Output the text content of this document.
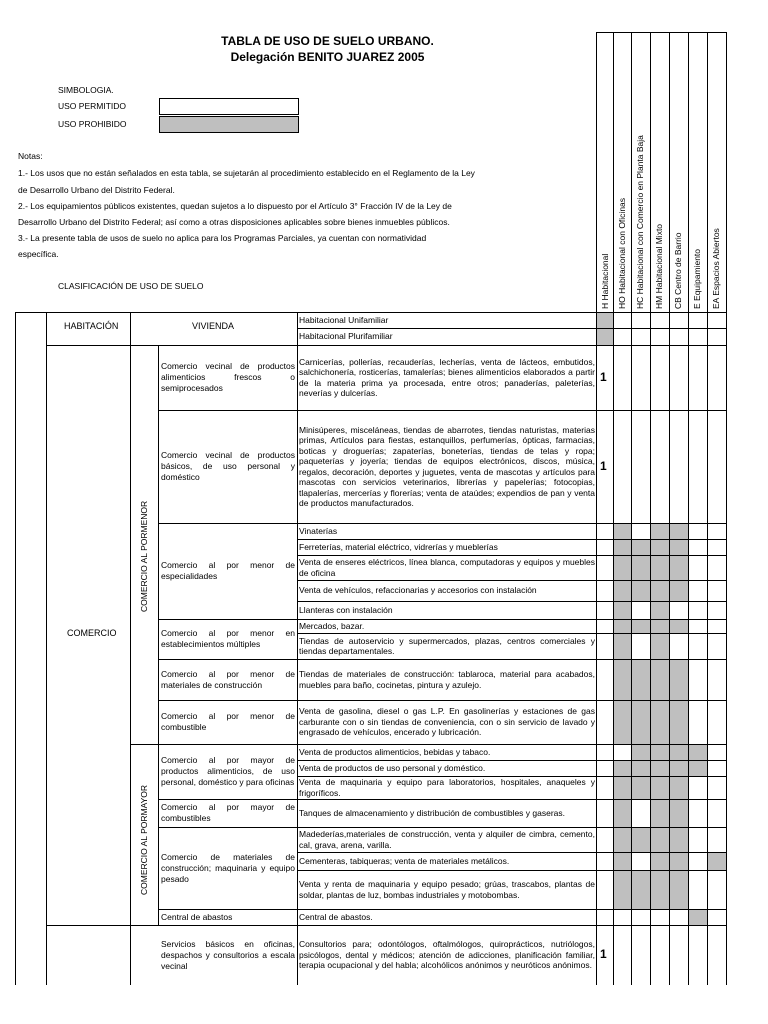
TABLA DE USO DE SUELO URBANO.
Delegación BENITO JUAREZ 2005
SIMBOLOGIA.
USO PERMITIDO
USO PROHIBIDO
Notas:
1.- Los usos que no están señalados en esta tabla, se sujetarán al procedimiento establecido en el Reglamento de la Ley
de Desarrollo Urbano del Distrito Federal.
2.- Los equipamientos públicos existentes, quedan sujetos a lo dispuesto por el Artículo 3° Fracción IV de la Ley de
Desarrollo Urbano del Distrito Federal; así como a otras disposiciones aplicables sobre bienes inmuebles públicos.
3.- La presente tabla de usos de suelo no aplica para los Programas Parciales, ya cuentan con normatividad
específica.
CLASIFICACIÓN DE USO DE SUELO	H Habitacional HO Habitacional con Oficinas HC Habitacional con Comercio en Planta Baja HM Habitacional Mixto CB Centro de Barrio E Equipamiento EA Espacios Abiertos
HABITACIÓN	VIVIENDA
COMERCIO
COMERCIO AL PORMENOR
COMERCIO AL PORMAYOR
Comercio vecinal de productos alimenticios frescos o semiprocesados
Comercio vecinal de productos básicos, de uso personal y doméstico
Comercio al por menor de especialidades
Comercio al por menor en establecimientos múltiples
Comercio al por menor de materiales de construcción
Comercio al por menor de combustible
Comercio al por mayor de productos alimenticios, de uso personal, doméstico y para oficinas
Comercio al por mayor de combustibles
Comercio de materiales de construcción; maquinaria y equipo pesado
Central de abastos
Servicios básicos en oficinas, despachos y consultorios a escala vecinal
Habitacional Unifamiliar
Habitacional Plurifamiliar
Carnicerías, pollerías, recauderías, lecherías, venta de lácteos, embutidos, salchichonería, rosticerías, tamalerías; bienes alimenticios elaborados a partir de la materia prima ya procesada, entre otros; panaderías, paleterías, neverías y dulcerías.
1
Minisúperes, misceláneas, tiendas de abarrotes, tiendas naturistas, materias primas, Artículos para fiestas, estanquillos, perfumerías, ópticas, farmacias, boticas y droguerías; zapaterías, boneterías, tiendas de telas y ropa; paqueterías y joyería; tiendas de equipos electrónicos, discos, música, regalos, decoración, deportes y juguetes, venta de mascotas y artículos para mascotas con servicios veterinarios, librerías y papelerías; fotocopias, tlapalerías, mercerías y florerías; venta de ataúdes; expendios de pan y venta de productos manufacturados.
1
Vinaterías
Ferreterías, material eléctrico, vidrerías y mueblerías
Venta de enseres eléctricos, línea blanca, computadoras y equipos y muebles de oficina
Venta de vehículos, refaccionarias y accesorios con instalación
Llanteras con instalación
Mercados, bazar.
Tiendas de autoservicio y supermercados, plazas, centros comerciales y tiendas departamentales.
Tiendas de materiales de construcción: tablaroca, material para acabados, muebles para baño, cocinetas, pintura y azulejo.
Venta de gasolina, diesel o gas L.P. En gasolinerías y estaciones de gas carburante con o sin tiendas de conveniencia, con o sin servicio de lavado y engrasado de vehículos, encerado y lubricación.
Venta de productos alimenticios, bebidas y tabaco.
Venta de productos de uso personal y doméstico.
Venta de maquinaria y equipo para laboratorios, hospitales, anaqueles y frigoríficos.
Tanques de almacenamiento y distribución de combustibles y gaseras.
Madederías,materiales de construcción, venta y alquiler de cimbra, cemento, cal, grava, arena, varilla.
Cementeras, tabiqueras; venta de materiales metálicos.
Venta y renta de maquinaria y equipo pesado; grúas, trascabos, plantas de soldar, plantas de luz, bombas industriales y motobombas.
Central de abastos.
Consultorios para; odontólogos, oftalmólogos, quiroprácticos, nutriólogos, psicólogos, dental y médicos; atención de adicciones, planificación familiar, terapia ocupacional y del habla; alcohólicos anónimos y neuróticos anónimos.
1
